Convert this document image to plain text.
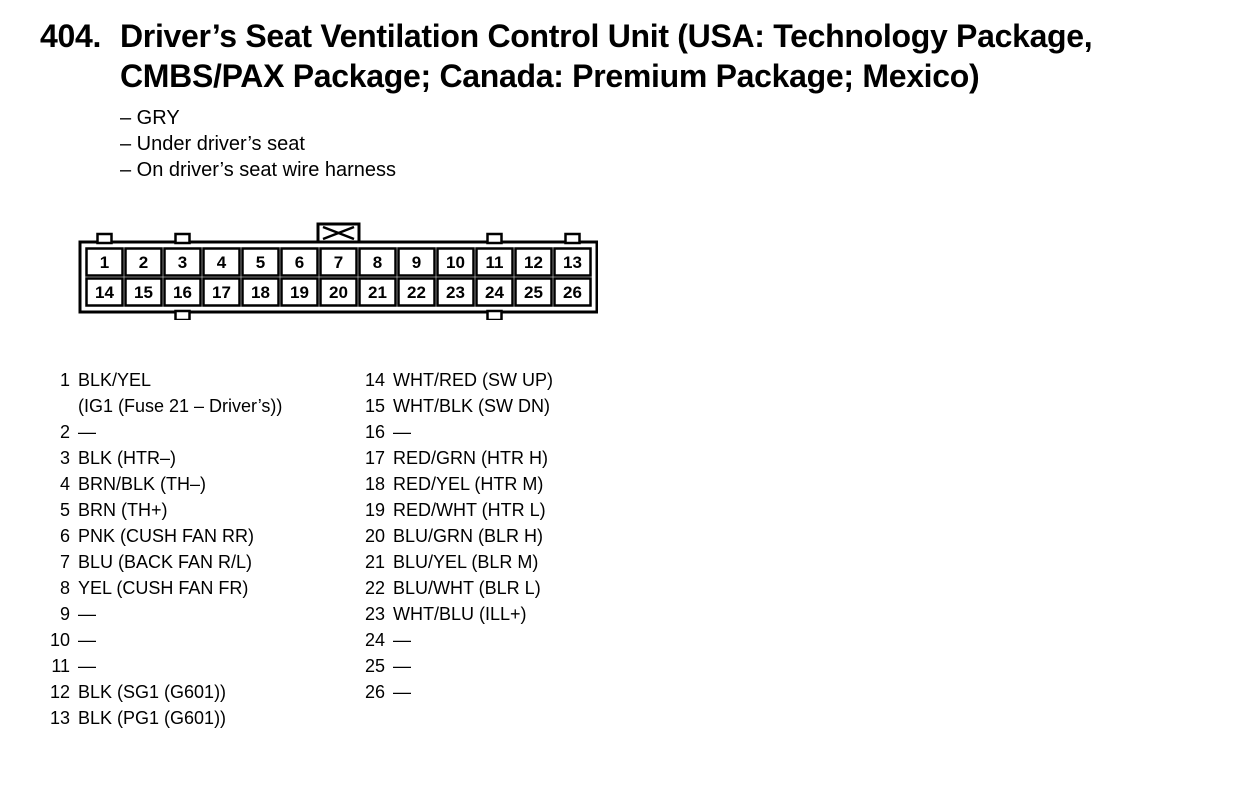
404. Driver’s Seat Ventilation Control Unit (USA: Technology Package,
CMBS/PAX Package; Canada: Premium Package; Mexico)
– GRY
– Under driver’s seat
– On driver’s seat wire harness
1 2 3 4 5 6 7 8 9 10 11 12 13
14 15 16 17 18 19 20 21 22 23 24 25 26
1 BLK/YEL
(IG1 (Fuse 21 – Driver’s))
2 —
3 BLK (HTR–)
4 BRN/BLK (TH–)
5 BRN (TH+)
6 PNK (CUSH FAN RR)
7 BLU (BACK FAN R/L)
8 YEL (CUSH FAN FR)
9 —
10 —
11 —
12 BLK (SG1 (G601))
13 BLK (PG1 (G601))
14 WHT/RED (SW UP)
15 WHT/BLK (SW DN)
16 —
17 RED/GRN (HTR H)
18 RED/YEL (HTR M)
19 RED/WHT (HTR L)
20 BLU/GRN (BLR H)
21 BLU/YEL (BLR M)
22 BLU/WHT (BLR L)
23 WHT/BLU (ILL+)
24 —
25 —
26 —
